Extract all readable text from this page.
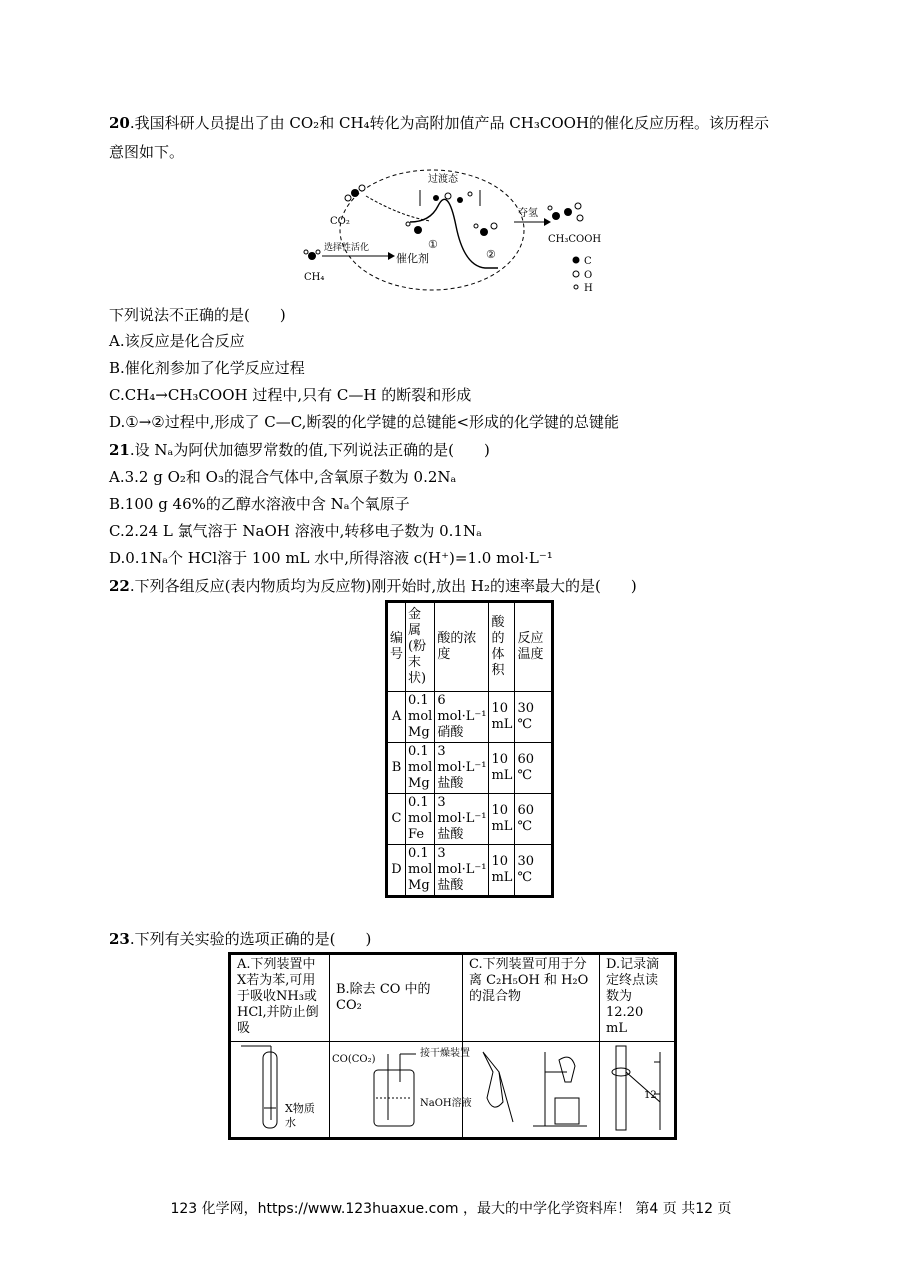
20.我国科研人员提出了由 CO₂和 CH₄转化为高附加值产品 CH₃COOH的催化反应历程。该历程示
意图如下。
CO₂
CH₄
选择性活化
催化剂
过渡态
①
②
夺氢
CH₃COOH
C
O
H
下列说法不正确的是(　　)
A.该反应是化合反应
B.催化剂参加了化学反应过程
C.CH₄→CH₃COOH 过程中,只有 C—H 的断裂和形成
D.①→②过程中,形成了 C—C,断裂的化学键的总键能<形成的化学键的总键能
21.设 Nₐ为阿伏加德罗常数的值,下列说法正确的是(　　)
A.3.2 g O₂和 O₃的混合气体中,含氧原子数为 0.2Nₐ
B.100 g 46%的乙醇水溶液中含 Nₐ个氧原子
C.2.24 L 氯气溶于 NaOH 溶液中,转移电子数为 0.1Nₐ
D.0.1Nₐ个 HCl溶于 100 mL 水中,所得溶液 c(H⁺)=1.0 mol·L⁻¹
22.下列各组反应(表内物质均为反应物)刚开始时,放出 H₂的速率最大的是(　　)
编号	金属(粉末状)	酸的浓度	酸的体积	反应温度
A	0.1 mol Mg	6 mol·L⁻¹硝酸	10 mL	30 ℃
B	0.1 mol Mg	3 mol·L⁻¹盐酸	10 mL	60 ℃
C	0.1 mol Fe	3 mol·L⁻¹盐酸	10 mL	60 ℃
D	0.1 mol Mg	3 mol·L⁻¹盐酸	10 mL	30 ℃
23.下列有关实验的选项正确的是(　　)
A.下列装置中X若为苯,可用于吸收NH₃或 HCl,并防止倒吸	B.除去 CO 中的 CO₂	C.下列装置可用于分离 C₂H₅OH 和 H₂O 的混合物	D.记录滴定终点读数为 12.20 mL

X物质
水	CO(CO₂)
接干燥装置
NaOH溶液		12
123 化学网，https://www.123huaxue.com ，最大的中学化学资料库！ 第4 页 共12 页
